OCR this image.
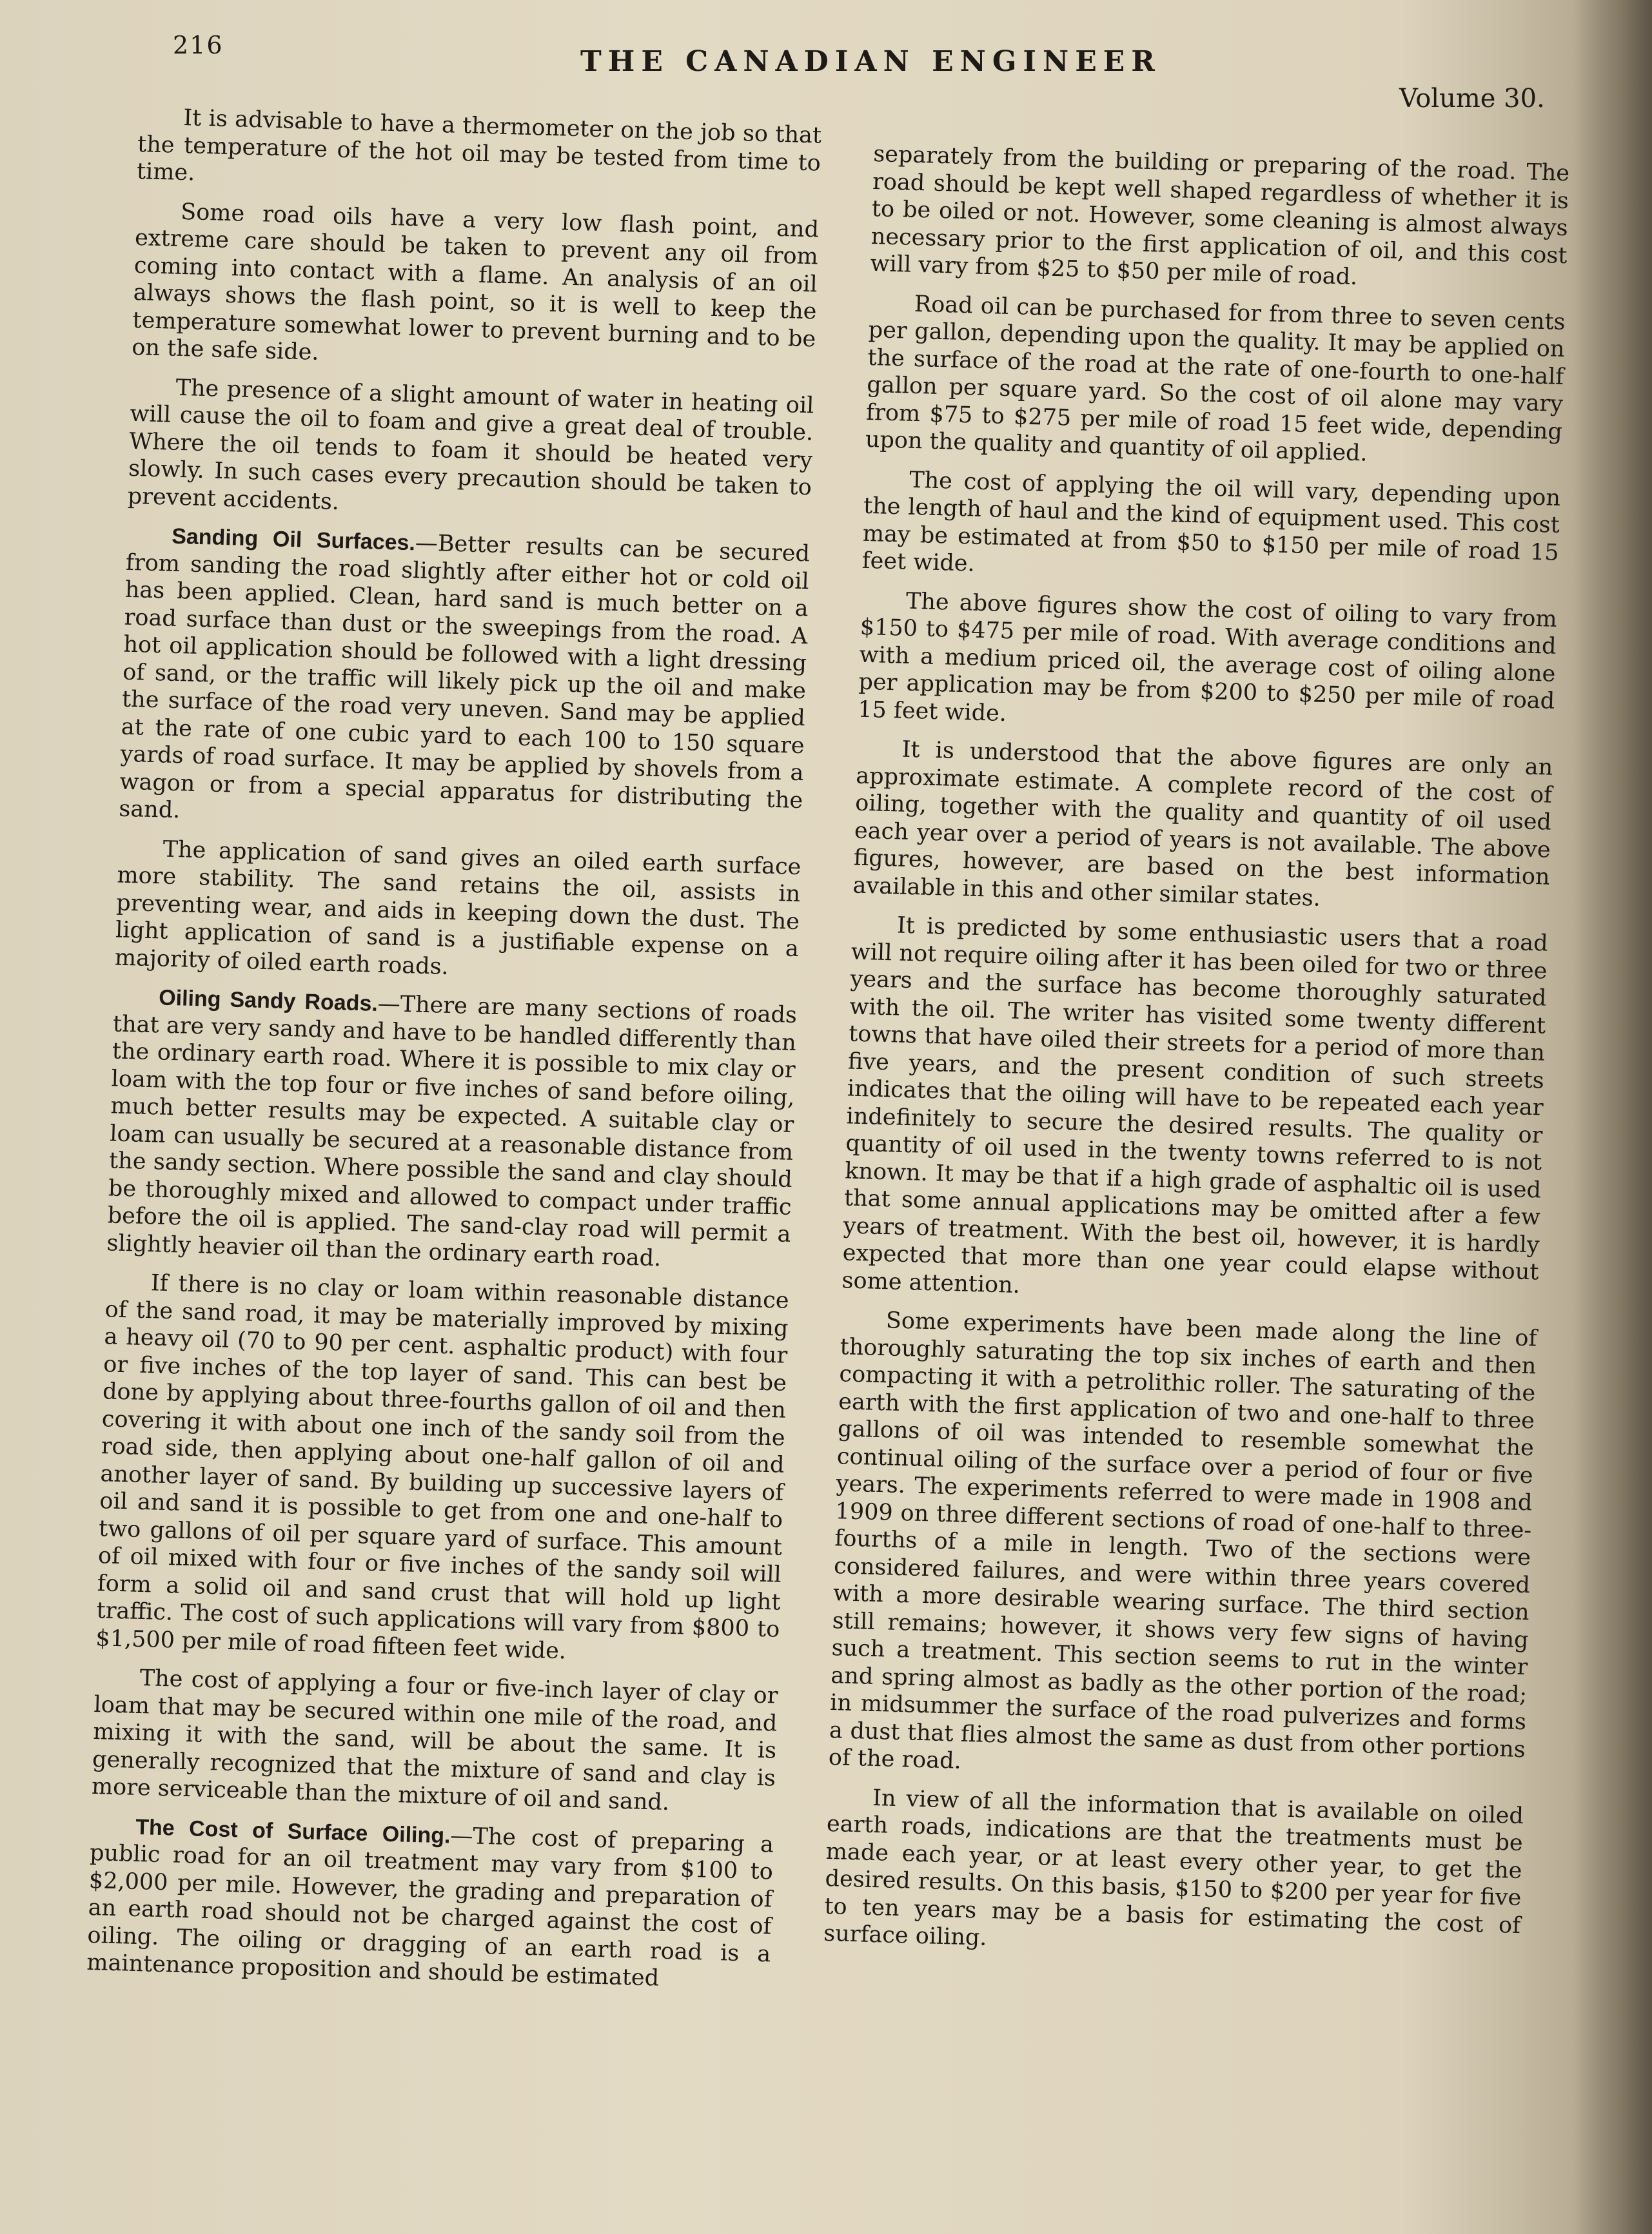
216	THE CANADIAN ENGINEER
Volume 30.

It is advisable to have a thermometer on the job so that the temperature of the hot oil may be tested from time to time.

Some road oils have a very low flash point, and extreme care should be taken to prevent any oil from coming into contact with a flame. An analysis of an oil always shows the flash point, so it is well to keep the temperature somewhat lower to prevent burning and to be on the safe side.

The presence of a slight amount of water in heating oil will cause the oil to foam and give a great deal of trouble. Where the oil tends to foam it should be heated very slowly. In such cases every precaution should be taken to prevent accidents.

Sanding Oil Surfaces.—Better results can be secured from sanding the road slightly after either hot or cold oil has been applied. Clean, hard sand is much better on a road surface than dust or the sweepings from the road. A hot oil application should be followed with a light dressing of sand, or the traffic will likely pick up the oil and make the surface of the road very uneven. Sand may be applied at the rate of one cubic yard to each 100 to 150 square yards of road surface. It may be applied by shovels from a wagon or from a special apparatus for distributing the sand.

The application of sand gives an oiled earth surface more stability. The sand retains the oil, assists in preventing wear, and aids in keeping down the dust. The light application of sand is a justifiable expense on a majority of oiled earth roads.

Oiling Sandy Roads.—There are many sections of roads that are very sandy and have to be handled differently than the ordinary earth road. Where it is possible to mix clay or loam with the top four or five inches of sand before oiling, much better results may be expected. A suitable clay or loam can usually be secured at a reasonable distance from the sandy section. Where possible the sand and clay should be thoroughly mixed and allowed to compact under traffic before the oil is applied. The sand-clay road will permit a slightly heavier oil than the ordinary earth road.

If there is no clay or loam within reasonable distance of the sand road, it may be materially improved by mixing a heavy oil (70 to 90 per cent. asphaltic product) with four or five inches of the top layer of sand. This can best be done by applying about three-fourths gallon of oil and then covering it with about one inch of the sandy soil from the road side, then applying about one-half gallon of oil and another layer of sand. By building up successive layers of oil and sand it is possible to get from one and one-half to two gallons of oil per square yard of surface. This amount of oil mixed with four or five inches of the sandy soil will form a solid oil and sand crust that will hold up light traffic. The cost of such applications will vary from $800 to $1,500 per mile of road fifteen feet wide.

The cost of applying a four or five-inch layer of clay or loam that may be secured within one mile of the road, and mixing it with the sand, will be about the same. It is generally recognized that the mixture of sand and clay is more serviceable than the mixture of oil and sand.

The Cost of Surface Oiling.—The cost of preparing a public road for an oil treatment may vary from $100 to $2,000 per mile. However, the grading and preparation of an earth road should not be charged against the cost of oiling. The oiling or dragging of an earth road is a maintenance proposition and should be estimated

separately from the building or preparing of the road. The road should be kept well shaped regardless of whether it is to be oiled or not. However, some cleaning is almost always necessary prior to the first application of oil, and this cost will vary from $25 to $50 per mile of road.

Road oil can be purchased for from three to seven cents per gallon, depending upon the quality. It may be applied on the surface of the road at the rate of one-fourth to one-half gallon per square yard. So the cost of oil alone may vary from $75 to $275 per mile of road 15 feet wide, depending upon the quality and quantity of oil applied.

The cost of applying the oil will vary, depending upon the length of haul and the kind of equipment used. This cost may be estimated at from $50 to $150 per mile of road 15 feet wide.

The above figures show the cost of oiling to vary from $150 to $475 per mile of road. With average conditions and with a medium priced oil, the average cost of oiling alone per application may be from $200 to $250 per mile of road 15 feet wide.

It is understood that the above figures are only an approximate estimate. A complete record of the cost of oiling, together with the quality and quantity of oil used each year over a period of years is not available. The above figures, however, are based on the best information available in this and other similar states.

It is predicted by some enthusiastic users that a road will not require oiling after it has been oiled for two or three years and the surface has become thoroughly saturated with the oil. The writer has visited some twenty different towns that have oiled their streets for a period of more than five years, and the present condition of such streets indicates that the oiling will have to be repeated each year indefinitely to secure the desired results. The quality or quantity of oil used in the twenty towns referred to is not known. It may be that if a high grade of asphaltic oil is used that some annual applications may be omitted after a few years of treatment. With the best oil, however, it is hardly expected that more than one year could elapse without some attention.

Some experiments have been made along the line of thoroughly saturating the top six inches of earth and then compacting it with a petrolithic roller. The saturating of the earth with the first application of two and one-half to three gallons of oil was intended to resemble somewhat the continual oiling of the surface over a period of four or five years. The experiments referred to were made in 1908 and 1909 on three different sections of road of one-half to three-fourths of a mile in length. Two of the sections were considered failures, and were within three years covered with a more desirable wearing surface. The third section still remains; however, it shows very few signs of having such a treatment. This section seems to rut in the winter and spring almost as badly as the other portion of the road; in midsummer the surface of the road pulverizes and forms a dust that flies almost the same as dust from other portions of the road.

In view of all the information that is available on oiled earth roads, indications are that the treatments must be made each year, or at least every other year, to get the desired results. On this basis, $150 to $200 per year for five to ten years may be a basis for estimating the cost of surface oiling.
